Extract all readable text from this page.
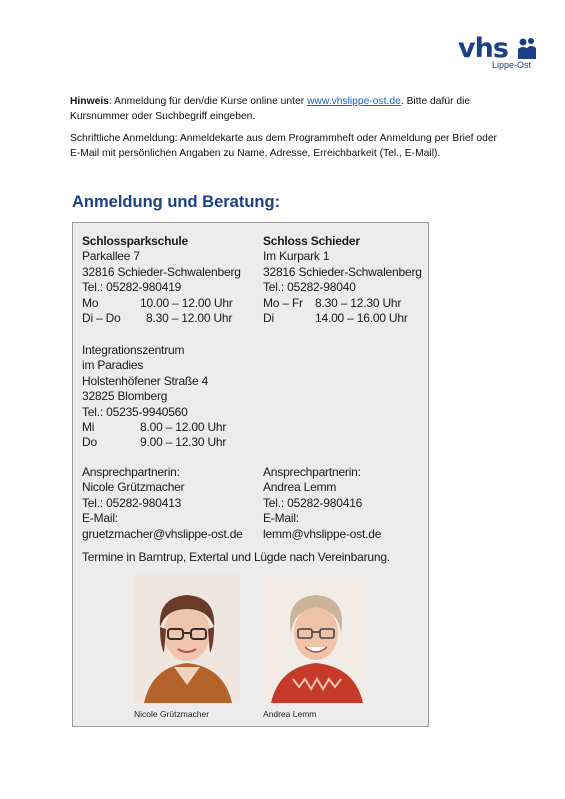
vhs
Lippe-Ost

Hinweis: Anmeldung für den/die Kurse online unter www.vhslippe-ost.de. Bitte dafür die Kursnummer oder Suchbegriff eingeben.

Schriftliche Anmeldung: Anmeldekarte aus dem Programmheft oder Anmeldung per Brief oder E-Mail mit persönlichen Angaben zu Name, Adresse, Erreichbarkeit (Tel., E-Mail).

Anmeldung und Beratung:
Schlossparkschule
Parkallee 7
32816 Schieder-Schwalenberg
Tel.: 05282-980419
Mo	10.00 – 12.00 Uhr
Di – Do	8.30 – 12.00 Uhr
Schloss Schieder
Im Kurpark 1
32816 Schieder-Schwalenberg
Tel.: 05282-98040
Mo – Fr	8.30 – 12.30 Uhr
Di	14.00 – 16.00 Uhr
Integrationszentrum
im Paradies
Holstenhöfener Straße 4
32825 Blomberg
Tel.: 05235-9940560
Mi	8.00 – 12.00 Uhr
Do	9.00 – 12.30 Uhr
Ansprechpartnerin:
Nicole Grützmacher
Tel.: 05282-980413
E-Mail:
gruetzmacher@vhslippe-ost.de
Ansprechpartnerin:
Andrea Lemm
Tel.: 05282-980416
E-Mail:
lemm@vhslippe-ost.de
Termine in Barntrup, Extertal und Lügde nach Vereinbarung.
Nicole Grützmacher	Andrea Lemm
